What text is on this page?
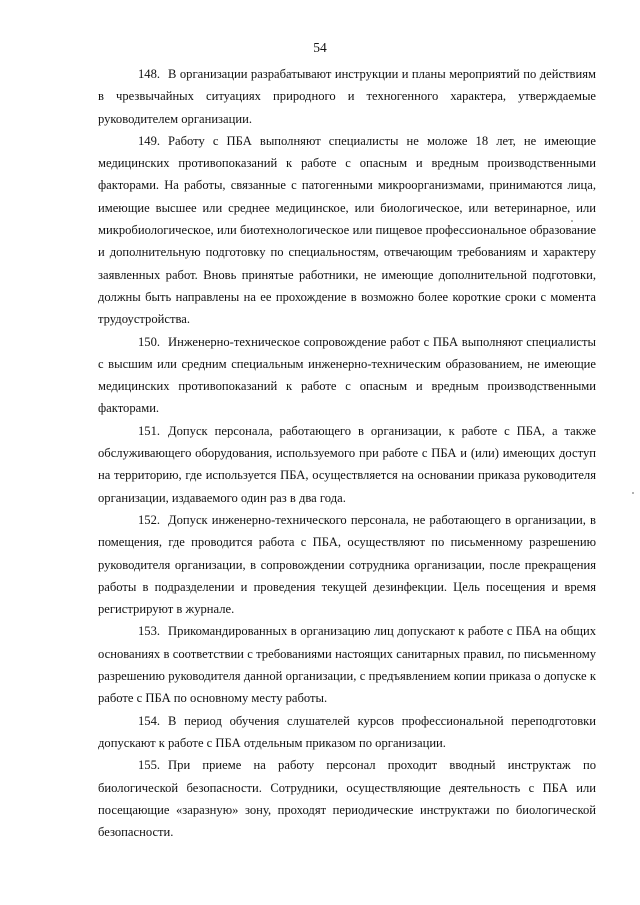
54

148. В организации разрабатывают инструкции и планы мероприятий по действиям в чрезвычайных ситуациях природного и техногенного характера, утверждаемые руководителем организации.

149. Работу с ПБА выполняют специалисты не моложе 18 лет, не имеющие медицинских противопоказаний к работе с опасным и вредным производственными факторами. На работы, связанные с патогенными микроорганизмами, принимаются лица, имеющие высшее или среднее медицинское, или биологическое, или ветеринарное, или микробиологическое, или биотехнологическое или пищевое профессиональное образование и дополнительную подготовку по специальностям, отвечающим требованиям и характеру заявленных работ. Вновь принятые работники, не имеющие дополнительной подготовки, должны быть направлены на ее прохождение в возможно более короткие сроки с момента трудоустройства.

150. Инженерно-техническое сопровождение работ с ПБА выполняют специалисты с высшим или средним специальным инженерно-техническим образованием, не имеющие медицинских противопоказаний к работе с опасным и вредным производственными факторами.

151. Допуск персонала, работающего в организации, к работе с ПБА, а также обслуживающего оборудования, используемого при работе с ПБА и (или) имеющих доступ на территорию, где используется ПБА, осуществляется на основании приказа руководителя организации, издаваемого один раз в два года.

152. Допуск инженерно-технического персонала, не работающего в организации, в помещения, где проводится работа с ПБА, осуществляют по письменному разрешению руководителя организации, в сопровождении сотрудника организации, после прекращения работы в подразделении и проведения текущей дезинфекции. Цель посещения и время регистрируют в журнале.

153. Прикомандированных в организацию лиц допускают к работе с ПБА на общих основаниях в соответствии с требованиями настоящих санитарных правил, по письменному разрешению руководителя данной организации, с предъявлением копии приказа о допуске к работе с ПБА по основному месту работы.

154. В период обучения слушателей курсов профессиональной переподготовки допускают к работе с ПБА отдельным приказом по организации.

155. При приеме на работу персонал проходит вводный инструктаж по биологической безопасности. Сотрудники, осуществляющие деятельность с ПБА или посещающие «заразную» зону, проходят периодические инструктажи по биологической безопасности.
